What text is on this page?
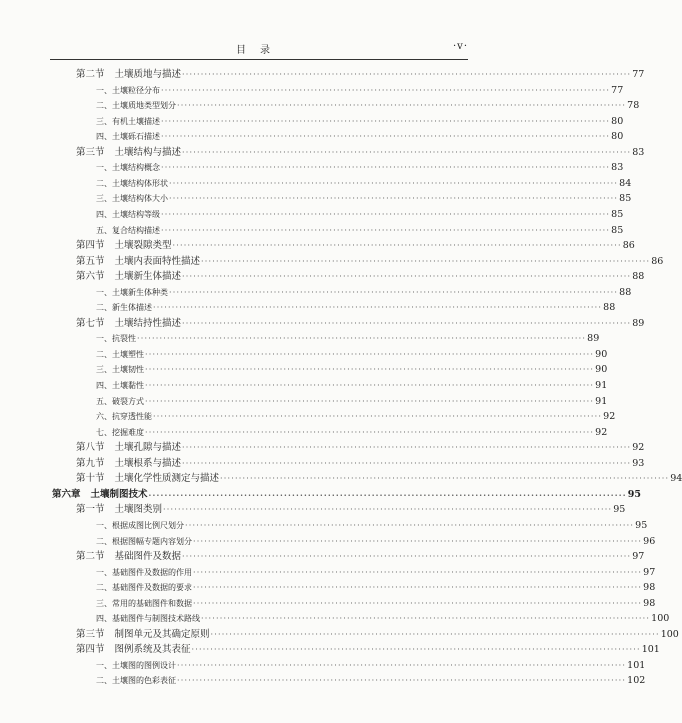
目录	·v·
第二节 土壤质地与描述 ························································································································ 77
一、土壤粒径分布 ························································································································ 77
二、土壤质地类型划分 ························································································································ 78
三、有机土壤描述 ························································································································ 80
四、土壤砾石描述 ························································································································ 80
第三节 土壤结构与描述 ························································································································ 83
一、土壤结构概念 ························································································································ 83
二、土壤结构体形状 ························································································································ 84
三、土壤结构体大小 ························································································································ 85
四、土壤结构等级 ························································································································ 85
五、复合结构描述 ························································································································ 85
第四节 土壤裂隙类型 ························································································································ 86
第五节 土壤内表面特性描述 ························································································································ 86
第六节 土壤新生体描述 ························································································································ 88
一、土壤新生体种类 ························································································································ 88
二、新生体描述 ························································································································ 88
第七节 土壤结持性描述 ························································································································ 89
一、抗裂性 ························································································································ 89
二、土壤塑性 ························································································································ 90
三、土壤韧性 ························································································································ 90
四、土壤黏性 ························································································································ 91
五、破裂方式 ························································································································ 91
六、抗穿透性能 ························································································································ 92
七、挖掘难度 ························································································································ 92
第八节 土壤孔隙与描述 ························································································································ 92
第九节 土壤根系与描述 ························································································································ 93
第十节 土壤化学性质测定与描述 ························································································································ 94
第六章 土壤制图技术 ························································································································ 95
第一节 土壤图类别 ························································································································ 95
一、根据成图比例尺划分 ························································································································ 95
二、根据图幅专题内容划分 ························································································································ 96
第二节 基础图件及数据 ························································································································ 97
一、基础图件及数据的作用 ························································································································ 97
二、基础图件及数据的要求 ························································································································ 98
三、常用的基础图件和数据 ························································································································ 98
四、基础图件与制图技术路线 ························································································································ 100
第三节 制图单元及其确定原则 ························································································································ 100
第四节 图例系统及其表征 ························································································································ 101
一、土壤图的图例设计 ························································································································ 101
二、土壤图的色彩表征 ························································································································ 102
